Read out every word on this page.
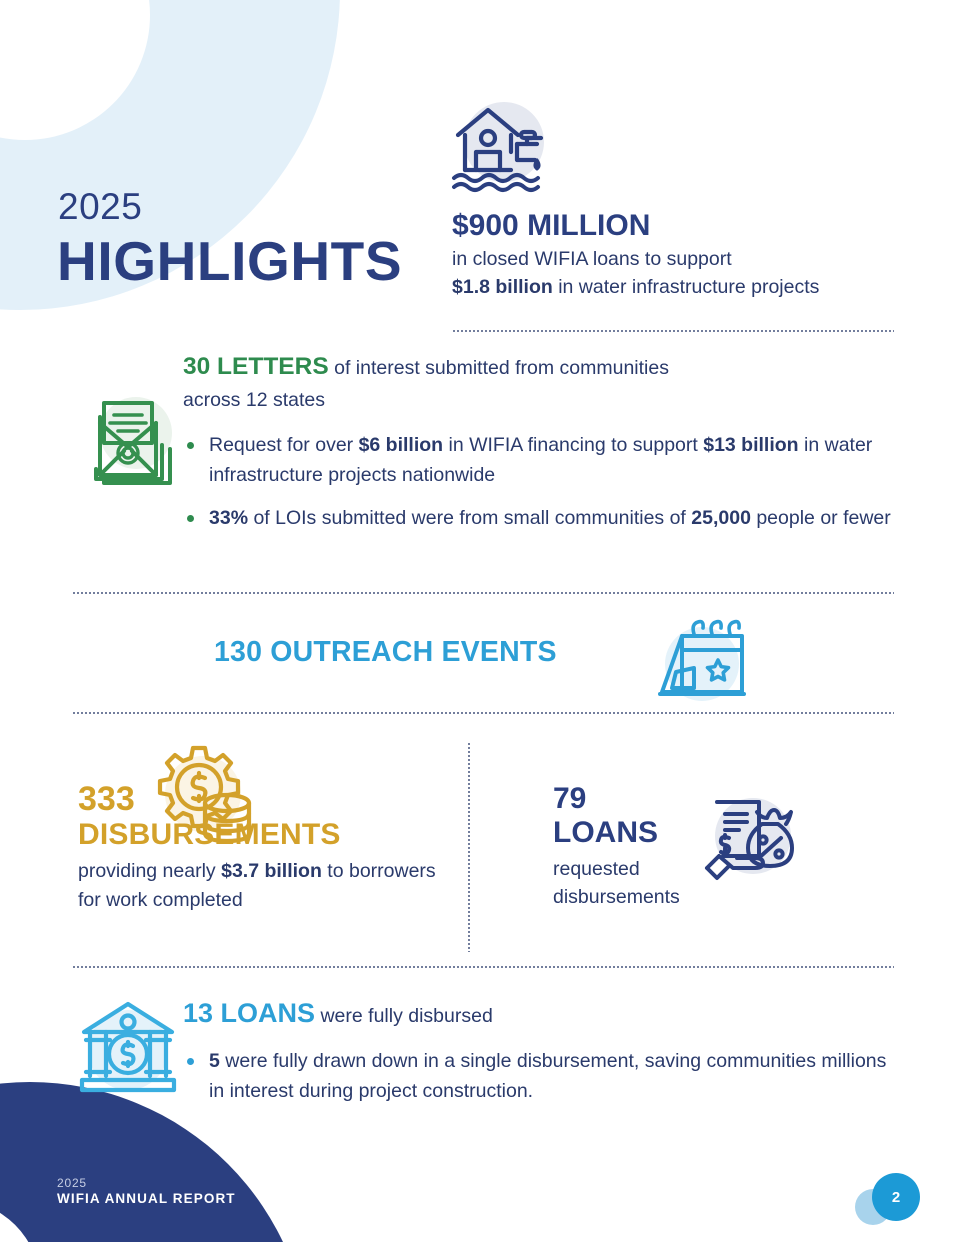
2025
HIGHLIGHTS
$900 MILLION
in closed WIFIA loans to support
$1.8 billion in water infrastructure projects
30 LETTERS of interest submitted from communities
across 12 states
Request for over $6 billion in WIFIA financing to support $13 billion in water infrastructure projects nationwide
33% of LOIs submitted were from small communities of 25,000 people or fewer
130 OUTREACH EVENTS
333
DISBURSEMENTS
providing nearly $3.7 billion to borrowers for work completed
79
LOANS
requested disbursements
13 LOANS were fully disbursed
5 were fully drawn down in a single disbursement, saving communities millions in interest during project construction.
2025
WIFIA ANNUAL REPORT	2
